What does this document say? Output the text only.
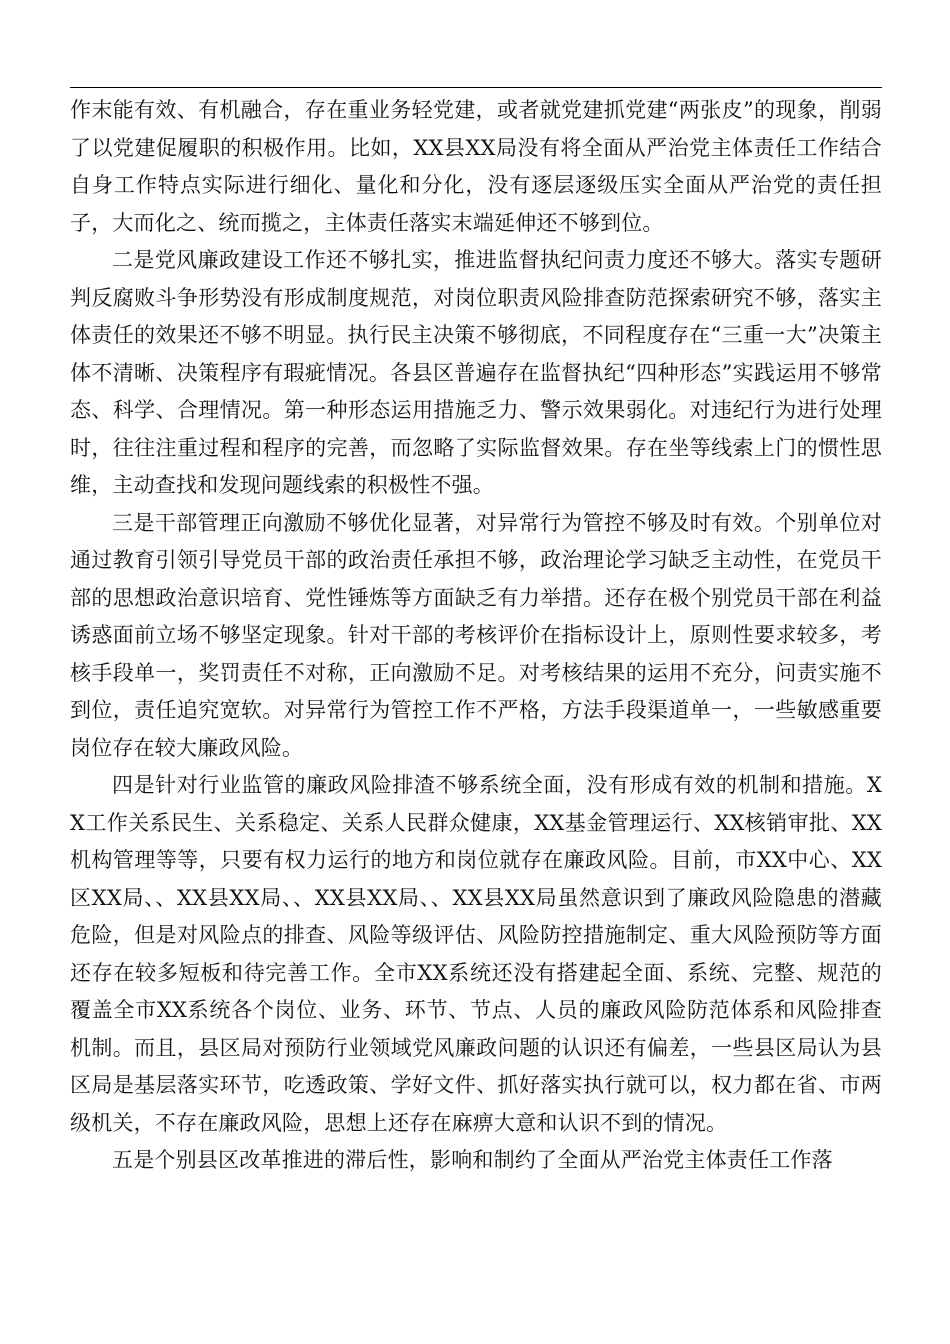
作末能有效、有机融合，存在重业务轻党建，或者就党建抓党建“两张皮”的现象，削弱了以党建促履职的积极作用。比如，XX县XX局没有将全面从严治党主体责任工作结合自身工作特点实际进行细化、量化和分化，没有逐层逐级压实全面从严治党的责任担子，大而化之、统而揽之，主体责任落实末端延伸还不够到位。

二是党风廉政建设工作还不够扎实，推进监督执纪问责力度还不够大。落实专题研判反腐败斗争形势没有形成制度规范，对岗位职责风险排查防范探索研究不够，落实主体责任的效果还不够不明显。执行民主决策不够彻底，不同程度存在“三重一大”决策主体不清晰、决策程序有瑕疵情况。各县区普遍存在监督执纪“四种形态”实践运用不够常态、科学、合理情况。第一种形态运用措施乏力、警示效果弱化。对违纪行为进行处理时，往往注重过程和程序的完善，而忽略了实际监督效果。存在坐等线索上门的惯性思维，主动查找和发现问题线索的积极性不强。

三是干部管理正向激励不够优化显著，对异常行为管控不够及时有效。个别单位对通过教育引领引导党员干部的政治责任承担不够，政治理论学习缺乏主动性，在党员干部的思想政治意识培育、党性锤炼等方面缺乏有力举措。还存在极个别党员干部在利益诱惑面前立场不够坚定现象。针对干部的考核评价在指标设计上，原则性要求较多，考核手段单一，奖罚责任不对称，正向激励不足。对考核结果的运用不充分，问责实施不到位，责任追究宽软。对异常行为管控工作不严格，方法手段渠道单一，一些敏感重要岗位存在较大廉政风险。

四是针对行业监管的廉政风险排渣不够系统全面，没有形成有效的机制和措施。XX工作关系民生、关系稳定、关系人民群众健康，XX基金管理运行、XX核销审批、XX机构管理等等，只要有权力运行的地方和岗位就存在廉政风险。目前，市XX中心、XX区XX局、、XX县XX局、、XX县XX局、、XX县XX局虽然意识到了廉政风险隐患的潜藏危险，但是对风险点的排查、风险等级评估、风险防控措施制定、重大风险预防等方面还存在较多短板和待完善工作。全市XX系统还没有搭建起全面、系统、完整、规范的覆盖全市XX系统各个岗位、业务、环节、节点、人员的廉政风险防范体系和风险排查机制。而且，县区局对预防行业领域党风廉政问题的认识还有偏差，一些县区局认为县区局是基层落实环节，吃透政策、学好文件、抓好落实执行就可以，权力都在省、市两级机关，不存在廉政风险，思想上还存在麻痹大意和认识不到的情况。

五是个别县区改革推进的滞后性，影响和制约了全面从严治党主体责任工作落
